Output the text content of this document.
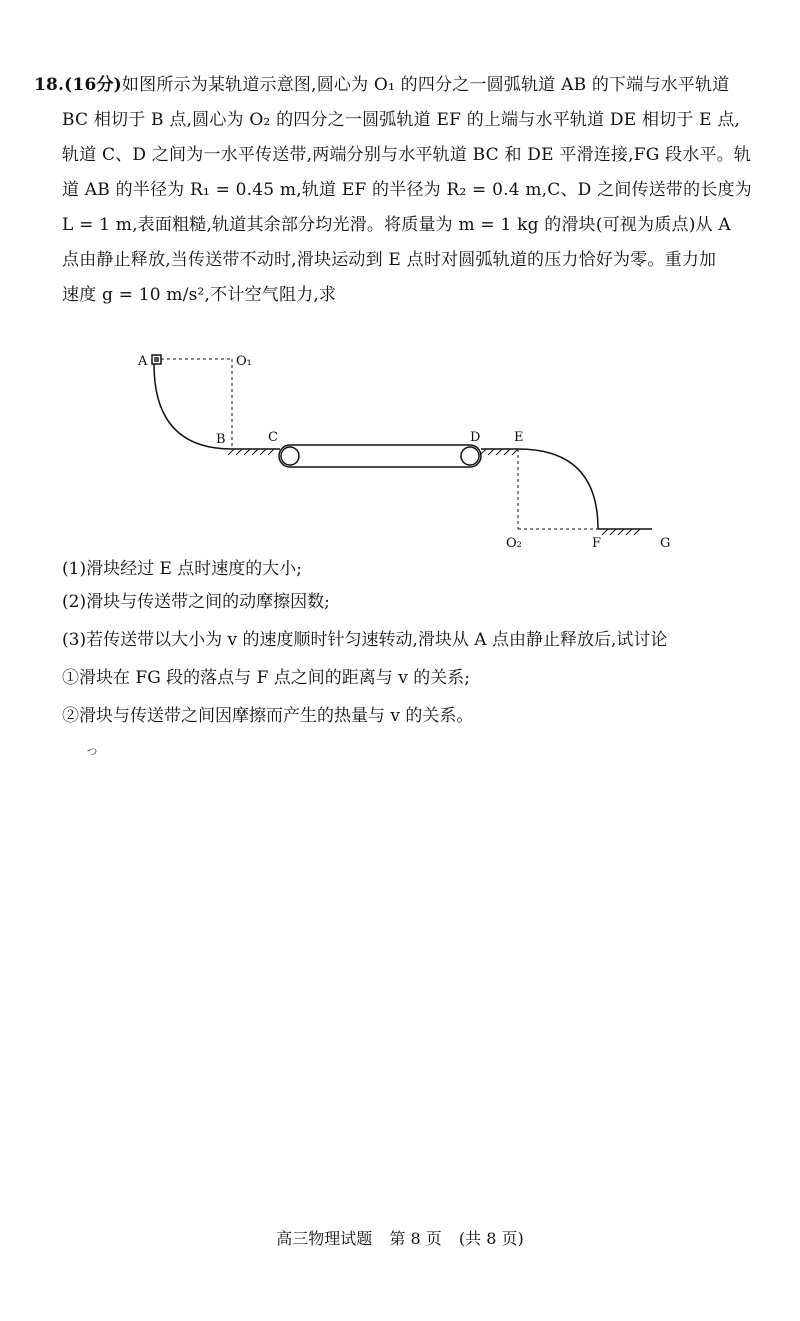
18.(16分)如图所示为某轨道示意图,圆心为 O₁ 的四分之一圆弧轨道 AB 的下端与水平轨道
BC 相切于 B 点,圆心为 O₂ 的四分之一圆弧轨道 EF 的上端与水平轨道 DE 相切于 E 点,
轨道 C、D 之间为一水平传送带,两端分别与水平轨道 BC 和 DE 平滑连接,FG 段水平。轨
道 AB 的半径为 R₁ = 0.45 m,轨道 EF 的半径为 R₂ = 0.4 m,C、D 之间传送带的长度为
L = 1 m,表面粗糙,轨道其余部分均光滑。将质量为 m = 1 kg 的滑块(可视为质点)从 A
点由静止释放,当传送带不动时,滑块运动到 E 点时对圆弧轨道的压力恰好为零。重力加
速度 g = 10 m/s²,不计空气阻力,求
A	O₁
B	C	D	E
O₂	F	G
(1)滑块经过 E 点时速度的大小;
(2)滑块与传送带之间的动摩擦因数;
(3)若传送带以大小为 v 的速度顺时针匀速转动,滑块从 A 点由静止释放后,试讨论
①滑块在 FG 段的落点与 F 点之间的距离与 v 的关系;
②滑块与传送带之间因摩擦而产生的热量与 v 的关系。
っ
高三物理试题 第 8 页 (共 8 页)
